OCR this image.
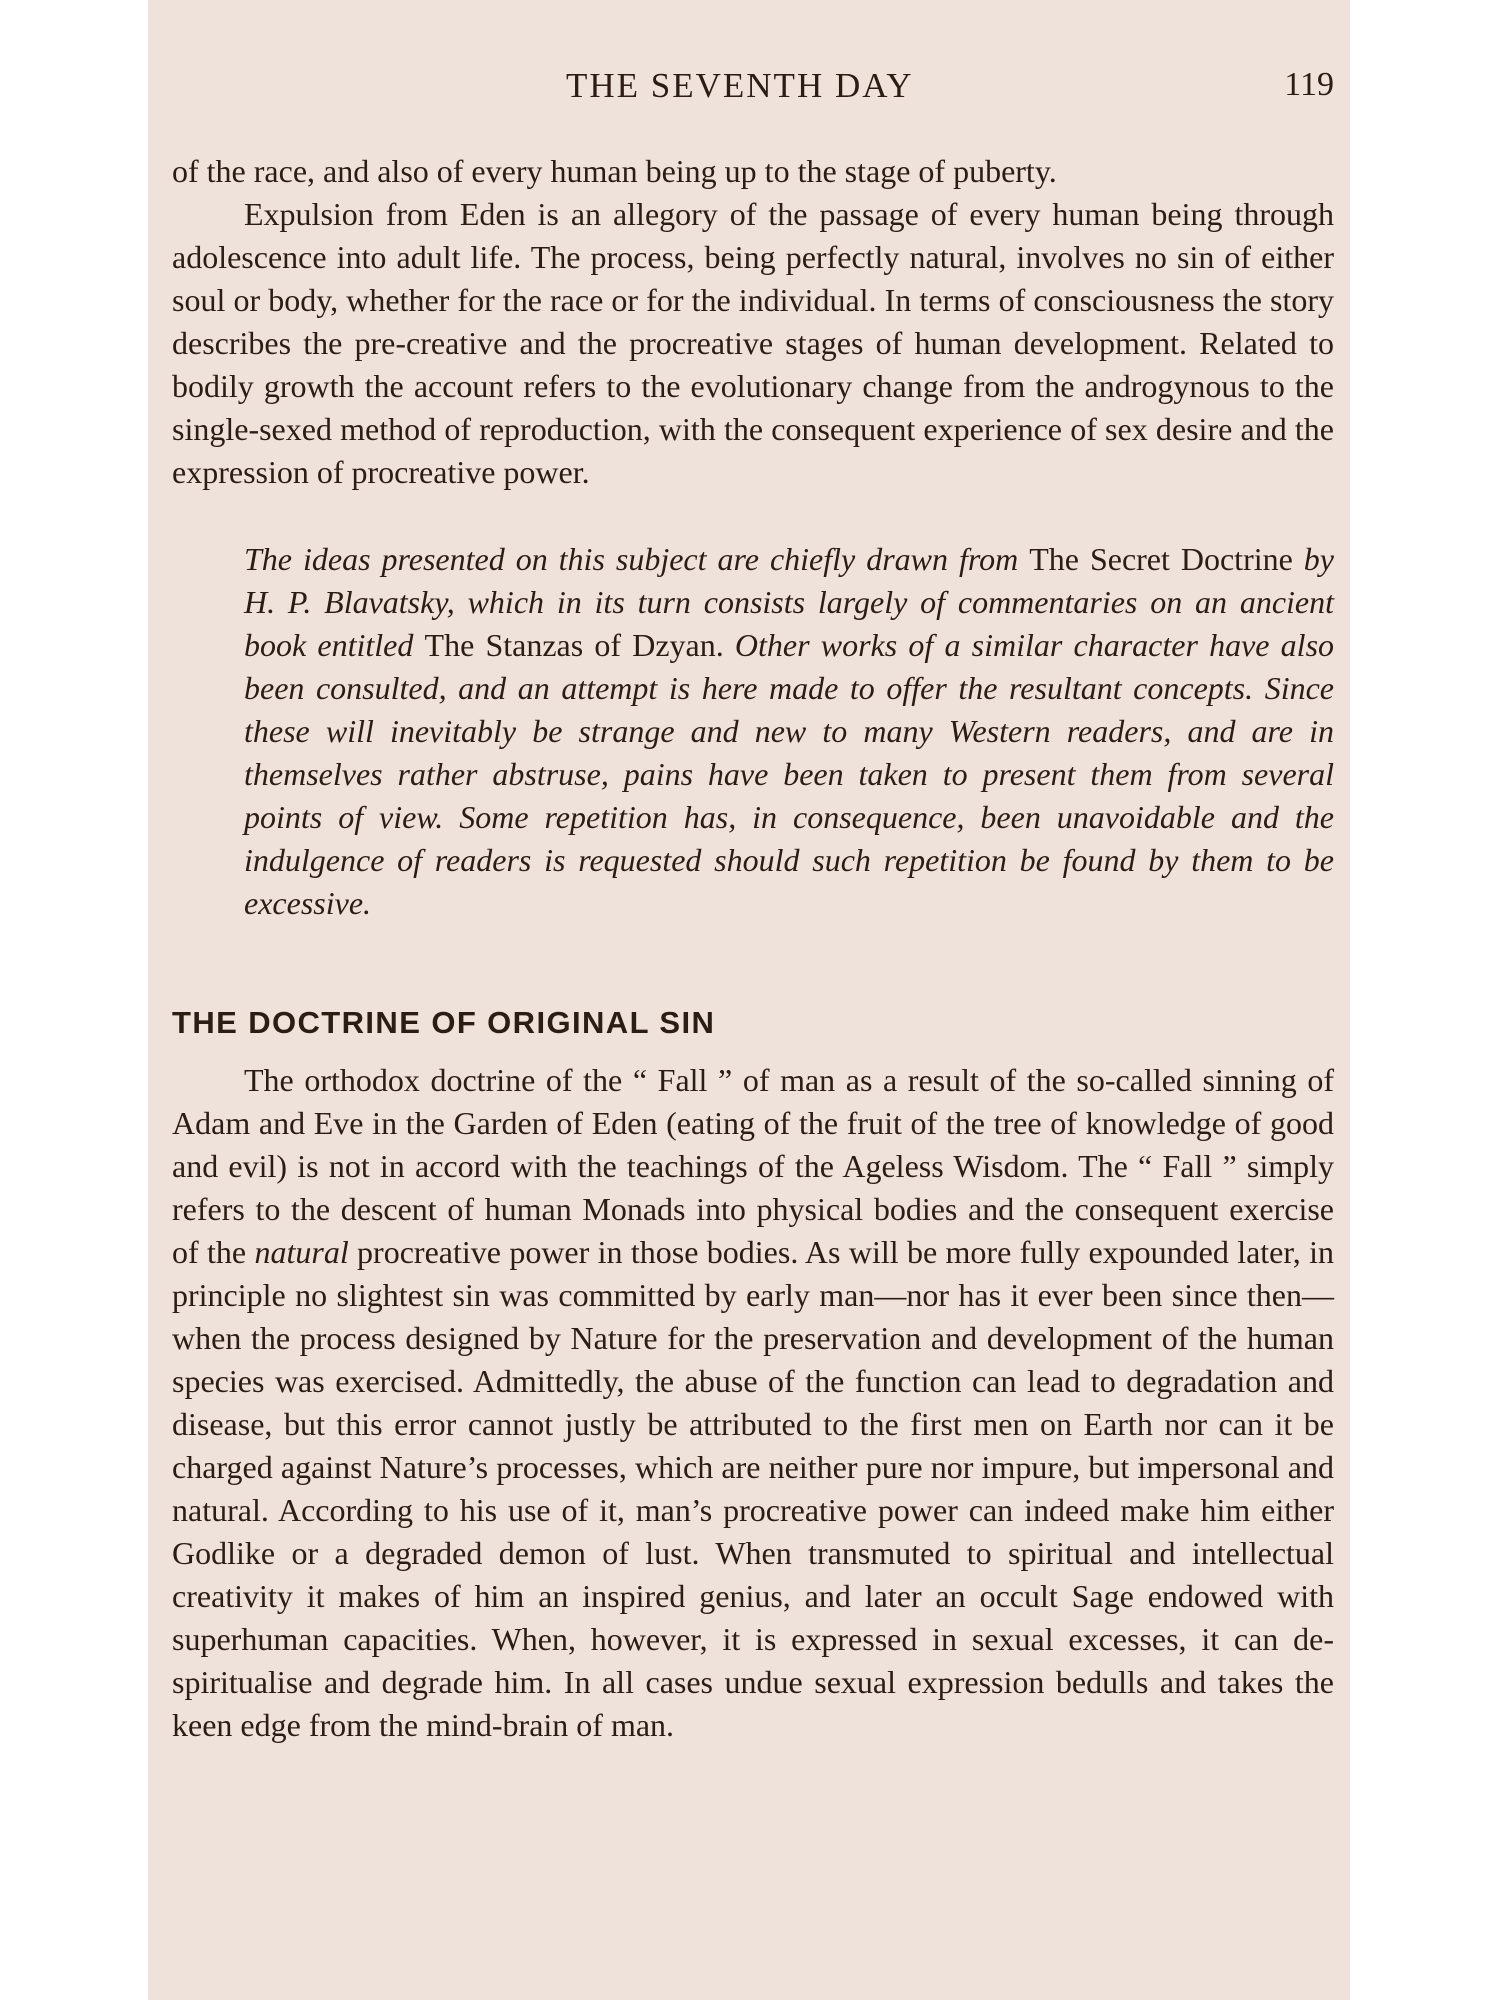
THE SEVENTH DAY	119

of the race, and also of every human being up to the stage of puberty.

Expulsion from Eden is an allegory of the passage of every human being through adolescence into adult life. The process, being perfectly natural, involves no sin of either soul or body, whether for the race or for the individual. In terms of consciousness the story describes the pre-creative and the procreative stages of human development. Related to bodily growth the account refers to the evolutionary change from the androgynous to the single-sexed method of reproduction, with the consequent experience of sex desire and the expression of procreative power.

The ideas presented on this subject are chiefly drawn from The Secret Doctrine by H. P. Blavatsky, which in its turn consists largely of commentaries on an ancient book entitled The Stanzas of Dzyan. Other works of a similar character have also been consulted, and an attempt is here made to offer the resultant concepts. Since these will inevitably be strange and new to many Western readers, and are in themselves rather abstruse, pains have been taken to present them from several points of view. Some repetition has, in consequence, been unavoidable and the indulgence of readers is requested should such repetition be found by them to be excessive.

THE DOCTRINE OF ORIGINAL SIN

The orthodox doctrine of the “ Fall ” of man as a result of the so-called sinning of Adam and Eve in the Garden of Eden (eating of the fruit of the tree of knowledge of good and evil) is not in accord with the teachings of the Ageless Wisdom. The “ Fall ” simply refers to the descent of human Monads into physical bodies and the consequent exercise of the natural procreative power in those bodies. As will be more fully expounded later, in principle no slightest sin was committed by early man—nor has it ever been since then—when the process designed by Nature for the preservation and development of the human species was exercised. Admittedly, the abuse of the function can lead to degradation and disease, but this error cannot justly be attributed to the first men on Earth nor can it be charged against Nature’s processes, which are neither pure nor impure, but impersonal and natural. According to his use of it, man’s procreative power can indeed make him either Godlike or a degraded demon of lust. When transmuted to spiritual and intellectual creativity it makes of him an inspired genius, and later an occult Sage endowed with superhuman capacities. When, however, it is expressed in sexual excesses, it can de-spiritualise and degrade him. In all cases undue sexual expression bedulls and takes the keen edge from the mind-brain of man.
